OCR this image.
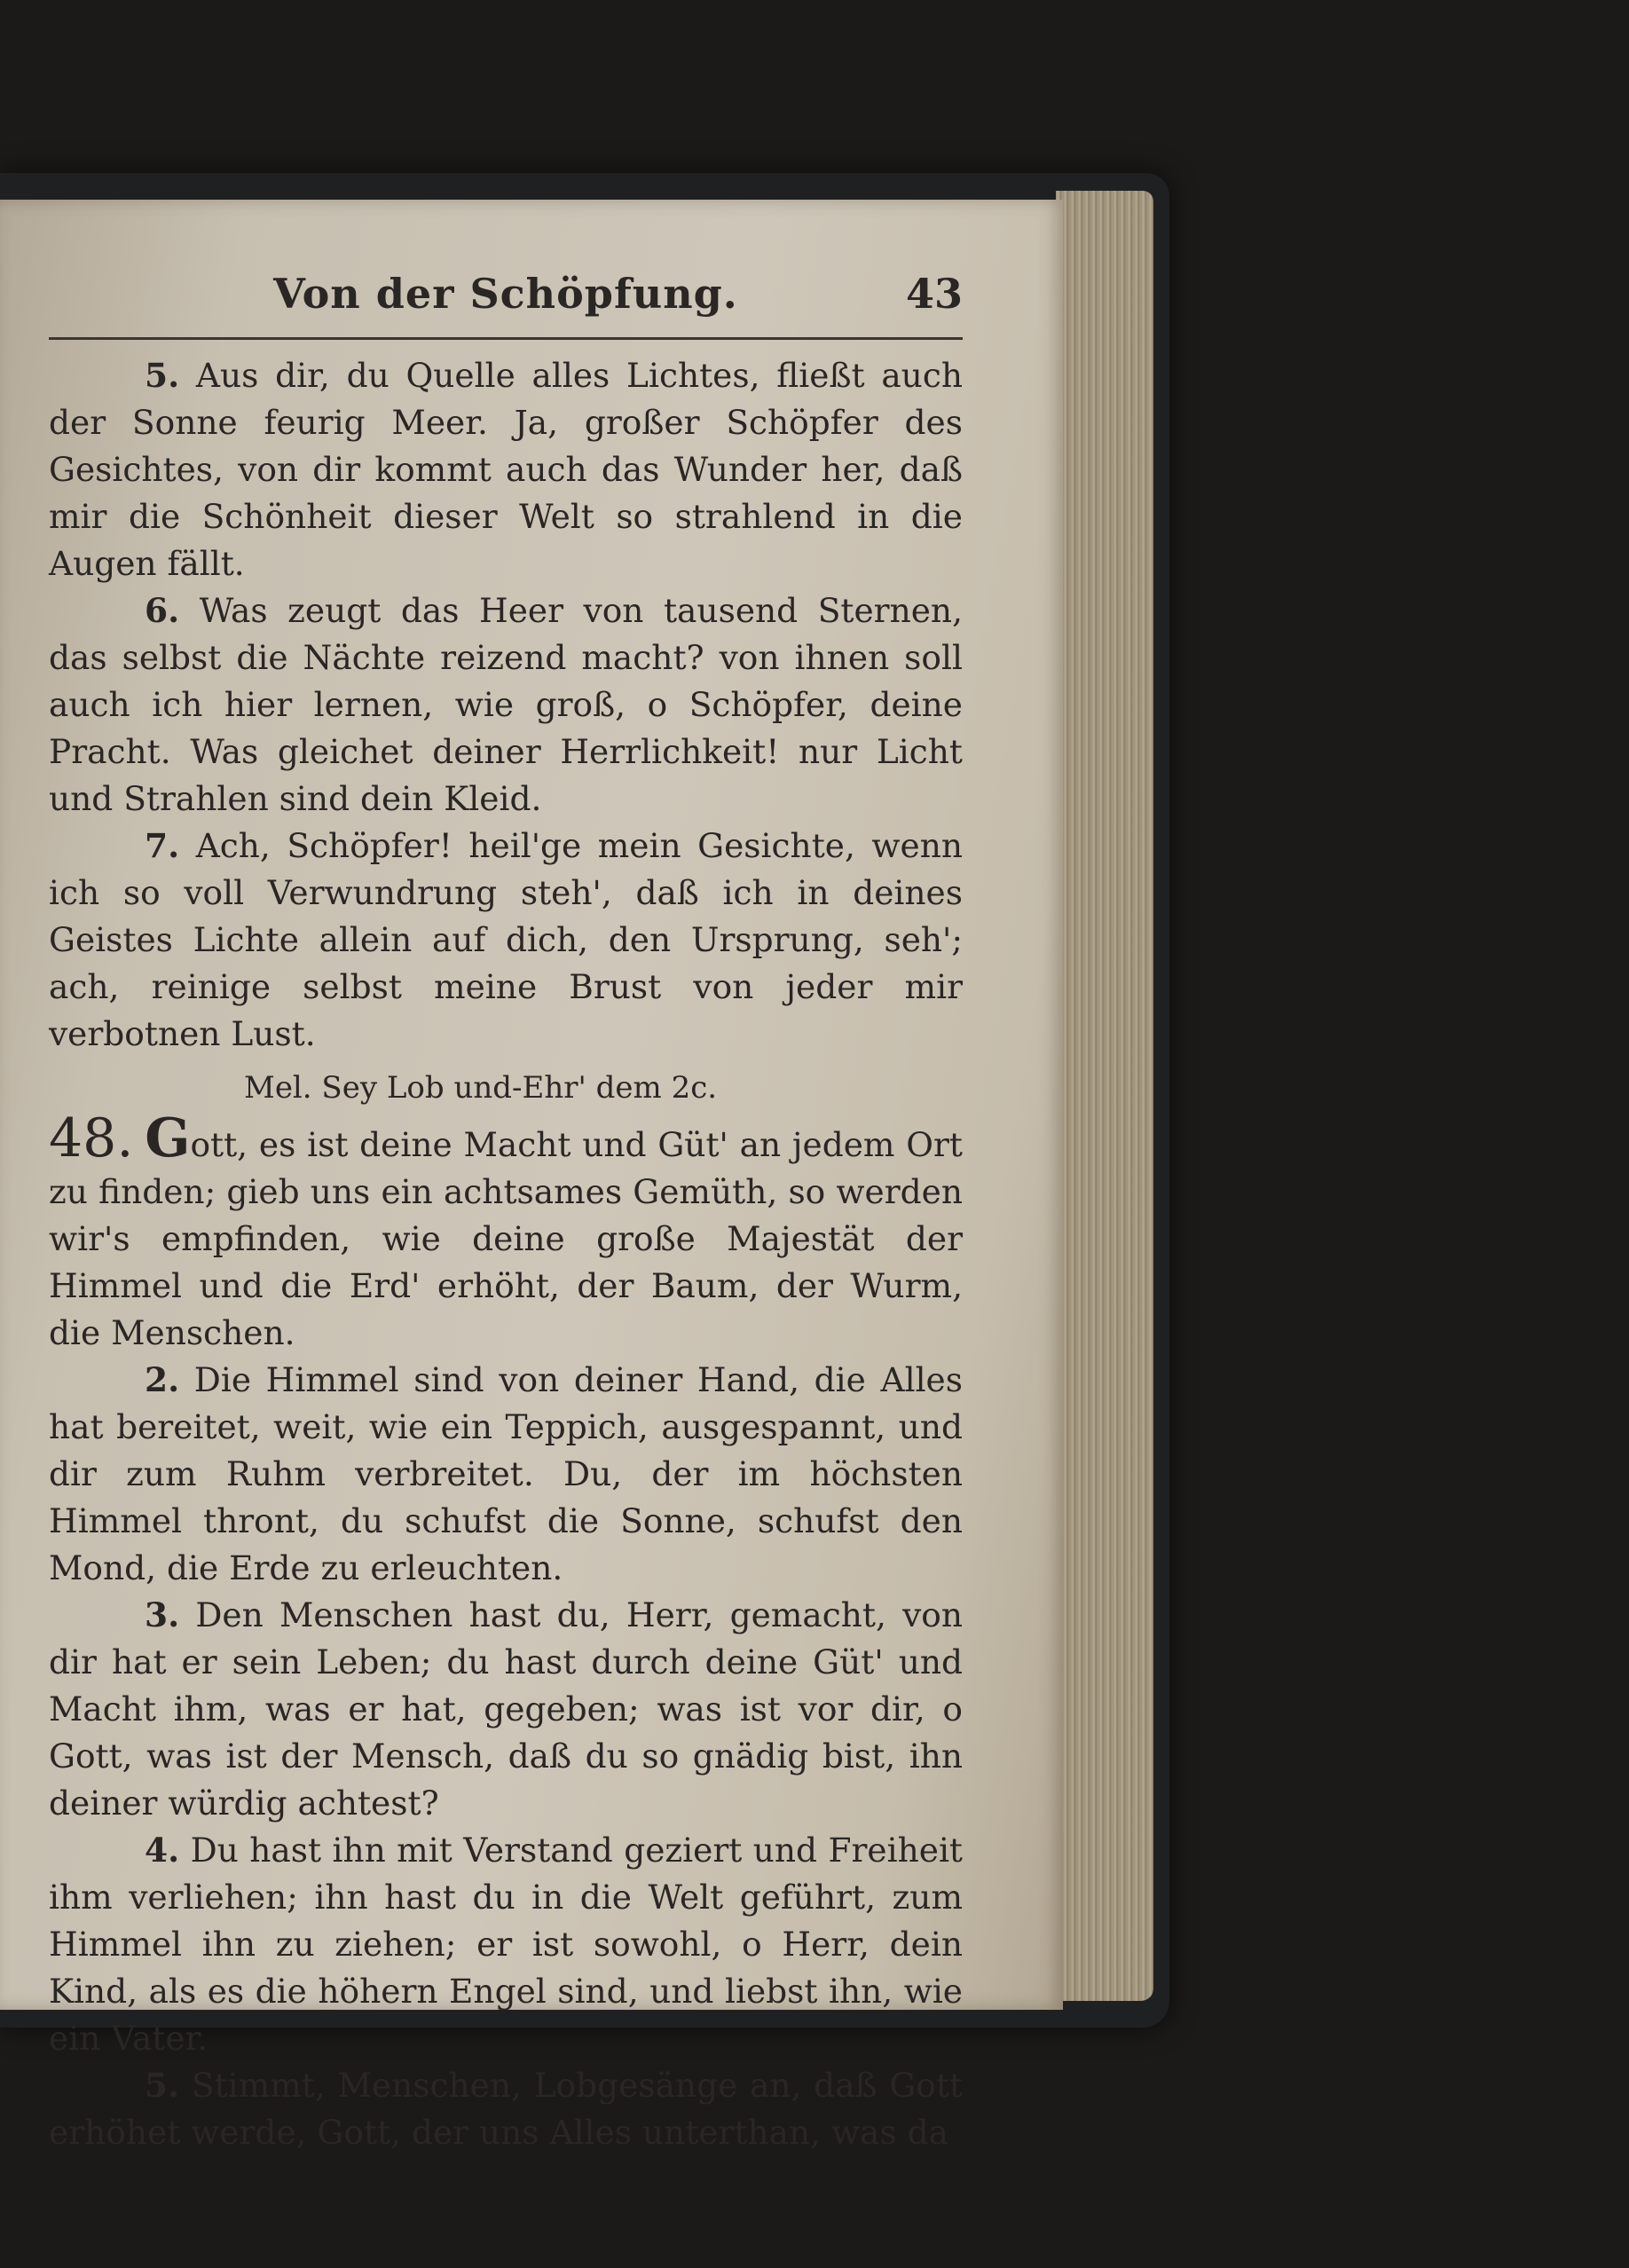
Von der Schöpfung.	43

5. Aus dir, du Quelle alles Lichtes, fließt auch der Sonne feurig Meer. Ja, großer Schöpfer des Gesichtes, von dir kommt auch das Wunder her, daß mir die Schönheit dieser Welt so strahlend in die Augen fällt.

6. Was zeugt das Heer von tausend Sternen, das selbst die Nächte reizend macht? von ihnen soll auch ich hier lernen, wie groß, o Schöpfer, deine Pracht. Was gleichet deiner Herrlichkeit! nur Licht und Strahlen sind dein Kleid.

7. Ach, Schöpfer! heil'ge mein Gesichte, wenn ich so voll Verwundrung steh', daß ich in deines Geistes Lichte allein auf dich, den Ursprung, seh'; ach, reinige selbst meine Brust von jeder mir verbotnen Lust.

Mel. Sey Lob und-Ehr' dem 2c.

48. Gott, es ist deine Macht und Güt' an jedem Ort zu finden; gieb uns ein achtsames Gemüth, so werden wir's empfinden, wie deine große Majestät der Himmel und die Erd' erhöht, der Baum, der Wurm, die Menschen.

2. Die Himmel sind von deiner Hand, die Alles hat bereitet, weit, wie ein Teppich, ausgespannt, und dir zum Ruhm verbreitet. Du, der im höchsten Himmel thront, du schufst die Sonne, schufst den Mond, die Erde zu erleuchten.

3. Den Menschen hast du, Herr, gemacht, von dir hat er sein Leben; du hast durch deine Güt' und Macht ihm, was er hat, gegeben; was ist vor dir, o Gott, was ist der Mensch, daß du so gnädig bist, ihn deiner würdig achtest?

4. Du hast ihn mit Verstand geziert und Freiheit ihm verliehen; ihn hast du in die Welt geführt, zum Himmel ihn zu ziehen; er ist sowohl, o Herr, dein Kind, als es die höhern Engel sind, und liebst ihn, wie ein Vater.

5. Stimmt, Menschen, Lobgesänge an, daß Gott erhöhet werde, Gott, der uns Alles unterthan, was da
